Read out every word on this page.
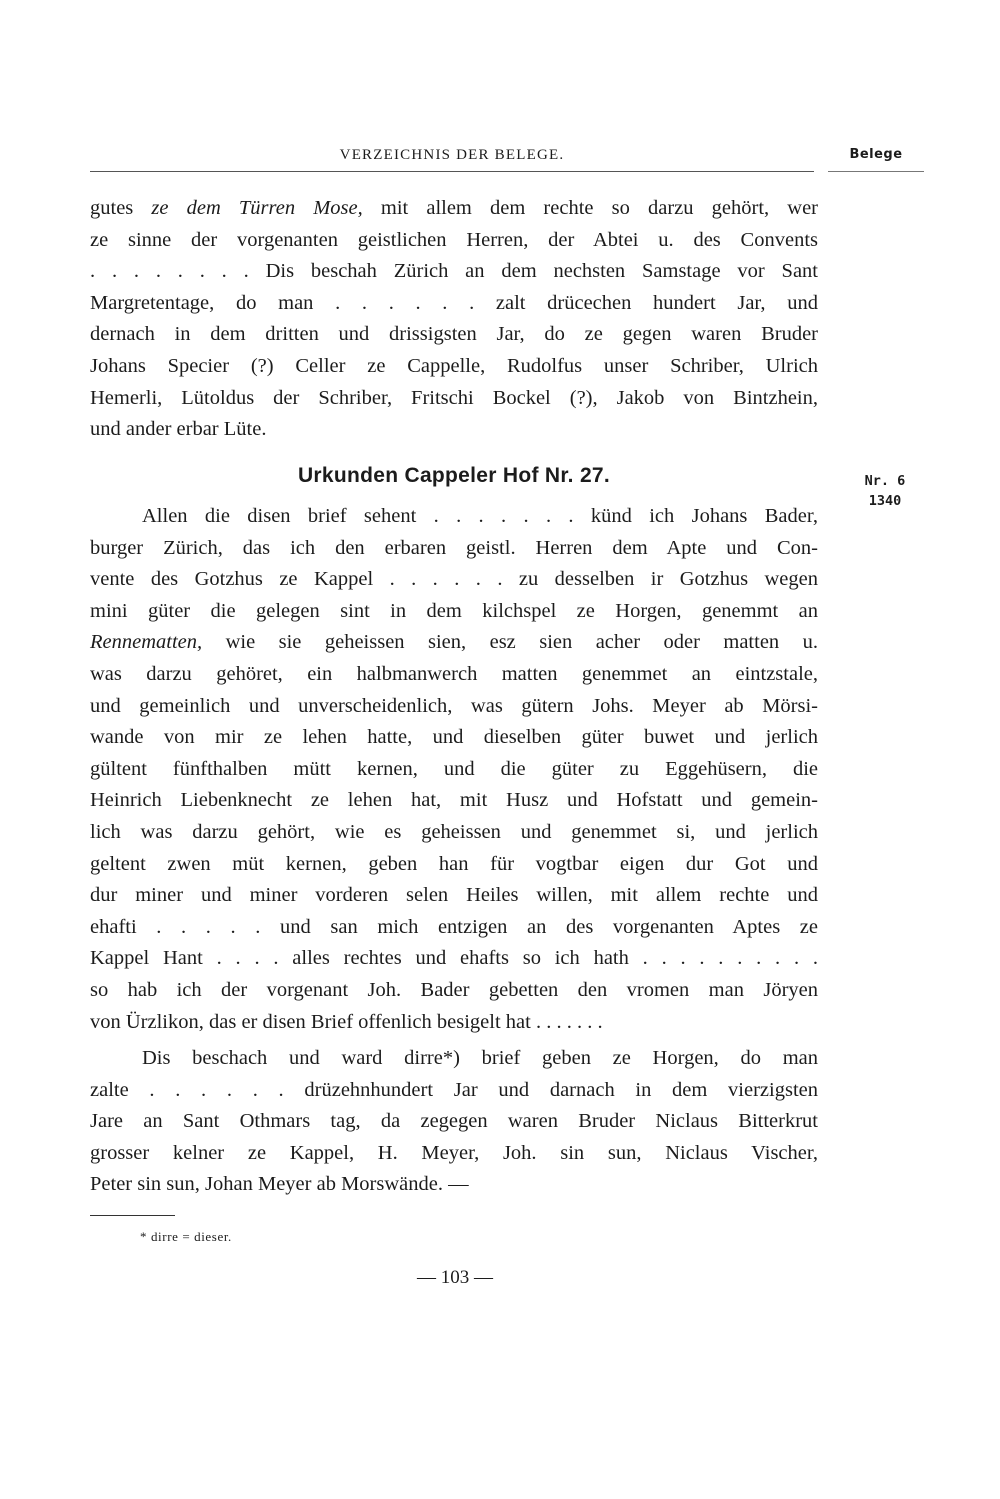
VERZEICHNIS DER BELEGE.	Belege
gutes ze dem Türren Mose, mit allem dem rechte so darzu gehört, wer
ze sinne der vorgenanten geistlichen Herren, der Abtei u. des Convents
. . . . . . . . Dis beschah Zürich an dem nechsten Samstage vor Sant
Margretentage, do man . . . . . . zalt drücechen hundert Jar, und
dernach in dem dritten und drissigsten Jar, do ze gegen waren Bruder
Johans Specier (?) Celler ze Cappelle, Rudolfus unser Schriber, Ulrich
Hemerli, Lütoldus der Schriber, Fritschi Bockel (?), Jakob von Bintzhein,
und ander erbar Lüte.
Urkunden Cappeler Hof Nr. 27.	Nr. 6
1340
Allen die disen brief sehent . . . . . . . künd ich Johans Bader,
burger Zürich, das ich den erbaren geistl. Herren dem Apte und Con-
vente des Gotzhus ze Kappel . . . . . . zu desselben ir Gotzhus wegen
mini güter die gelegen sint in dem kilchspel ze Horgen, genemmt an
Rennematten, wie sie geheissen sien, esz sien acher oder matten u.
was darzu gehöret, ein halbmanwerch matten genemmet an eintzstale,
und gemeinlich und unverscheidenlich, was gütern Johs. Meyer ab Mörsi-
wande von mir ze lehen hatte, und dieselben güter buwet und jerlich
gültent fünfthalben mütt kernen, und die güter zu Eggehüsern, die
Heinrich Liebenknecht ze lehen hat, mit Husz und Hofstatt und gemein-
lich was darzu gehört, wie es geheissen und genemmet si, und jerlich
geltent zwen müt kernen, geben han für vogtbar eigen dur Got und
dur miner und miner vorderen selen Heiles willen, mit allem rechte und
ehafti . . . . . und san mich entzigen an des vorgenanten Aptes ze
Kappel Hant . . . . alles rechtes und ehafts so ich hath . . . . . . . . . .
so hab ich der vorgenant Joh. Bader gebetten den vromen man Jöryen
von Ürzlikon, das er disen Brief offenlich besigelt hat . . . . . . .
Dis beschach und ward dirre*) brief geben ze Horgen, do man
zalte . . . . . . drüzehnhundert Jar und darnach in dem vierzigsten
Jare an Sant Othmars tag, da zegegen waren Bruder Niclaus Bitterkrut
grosser kelner ze Kappel, H. Meyer, Joh. sin sun, Niclaus Vischer,
Peter sin sun, Johan Meyer ab Morswände. —
* dirre = dieser.
— 103 —
